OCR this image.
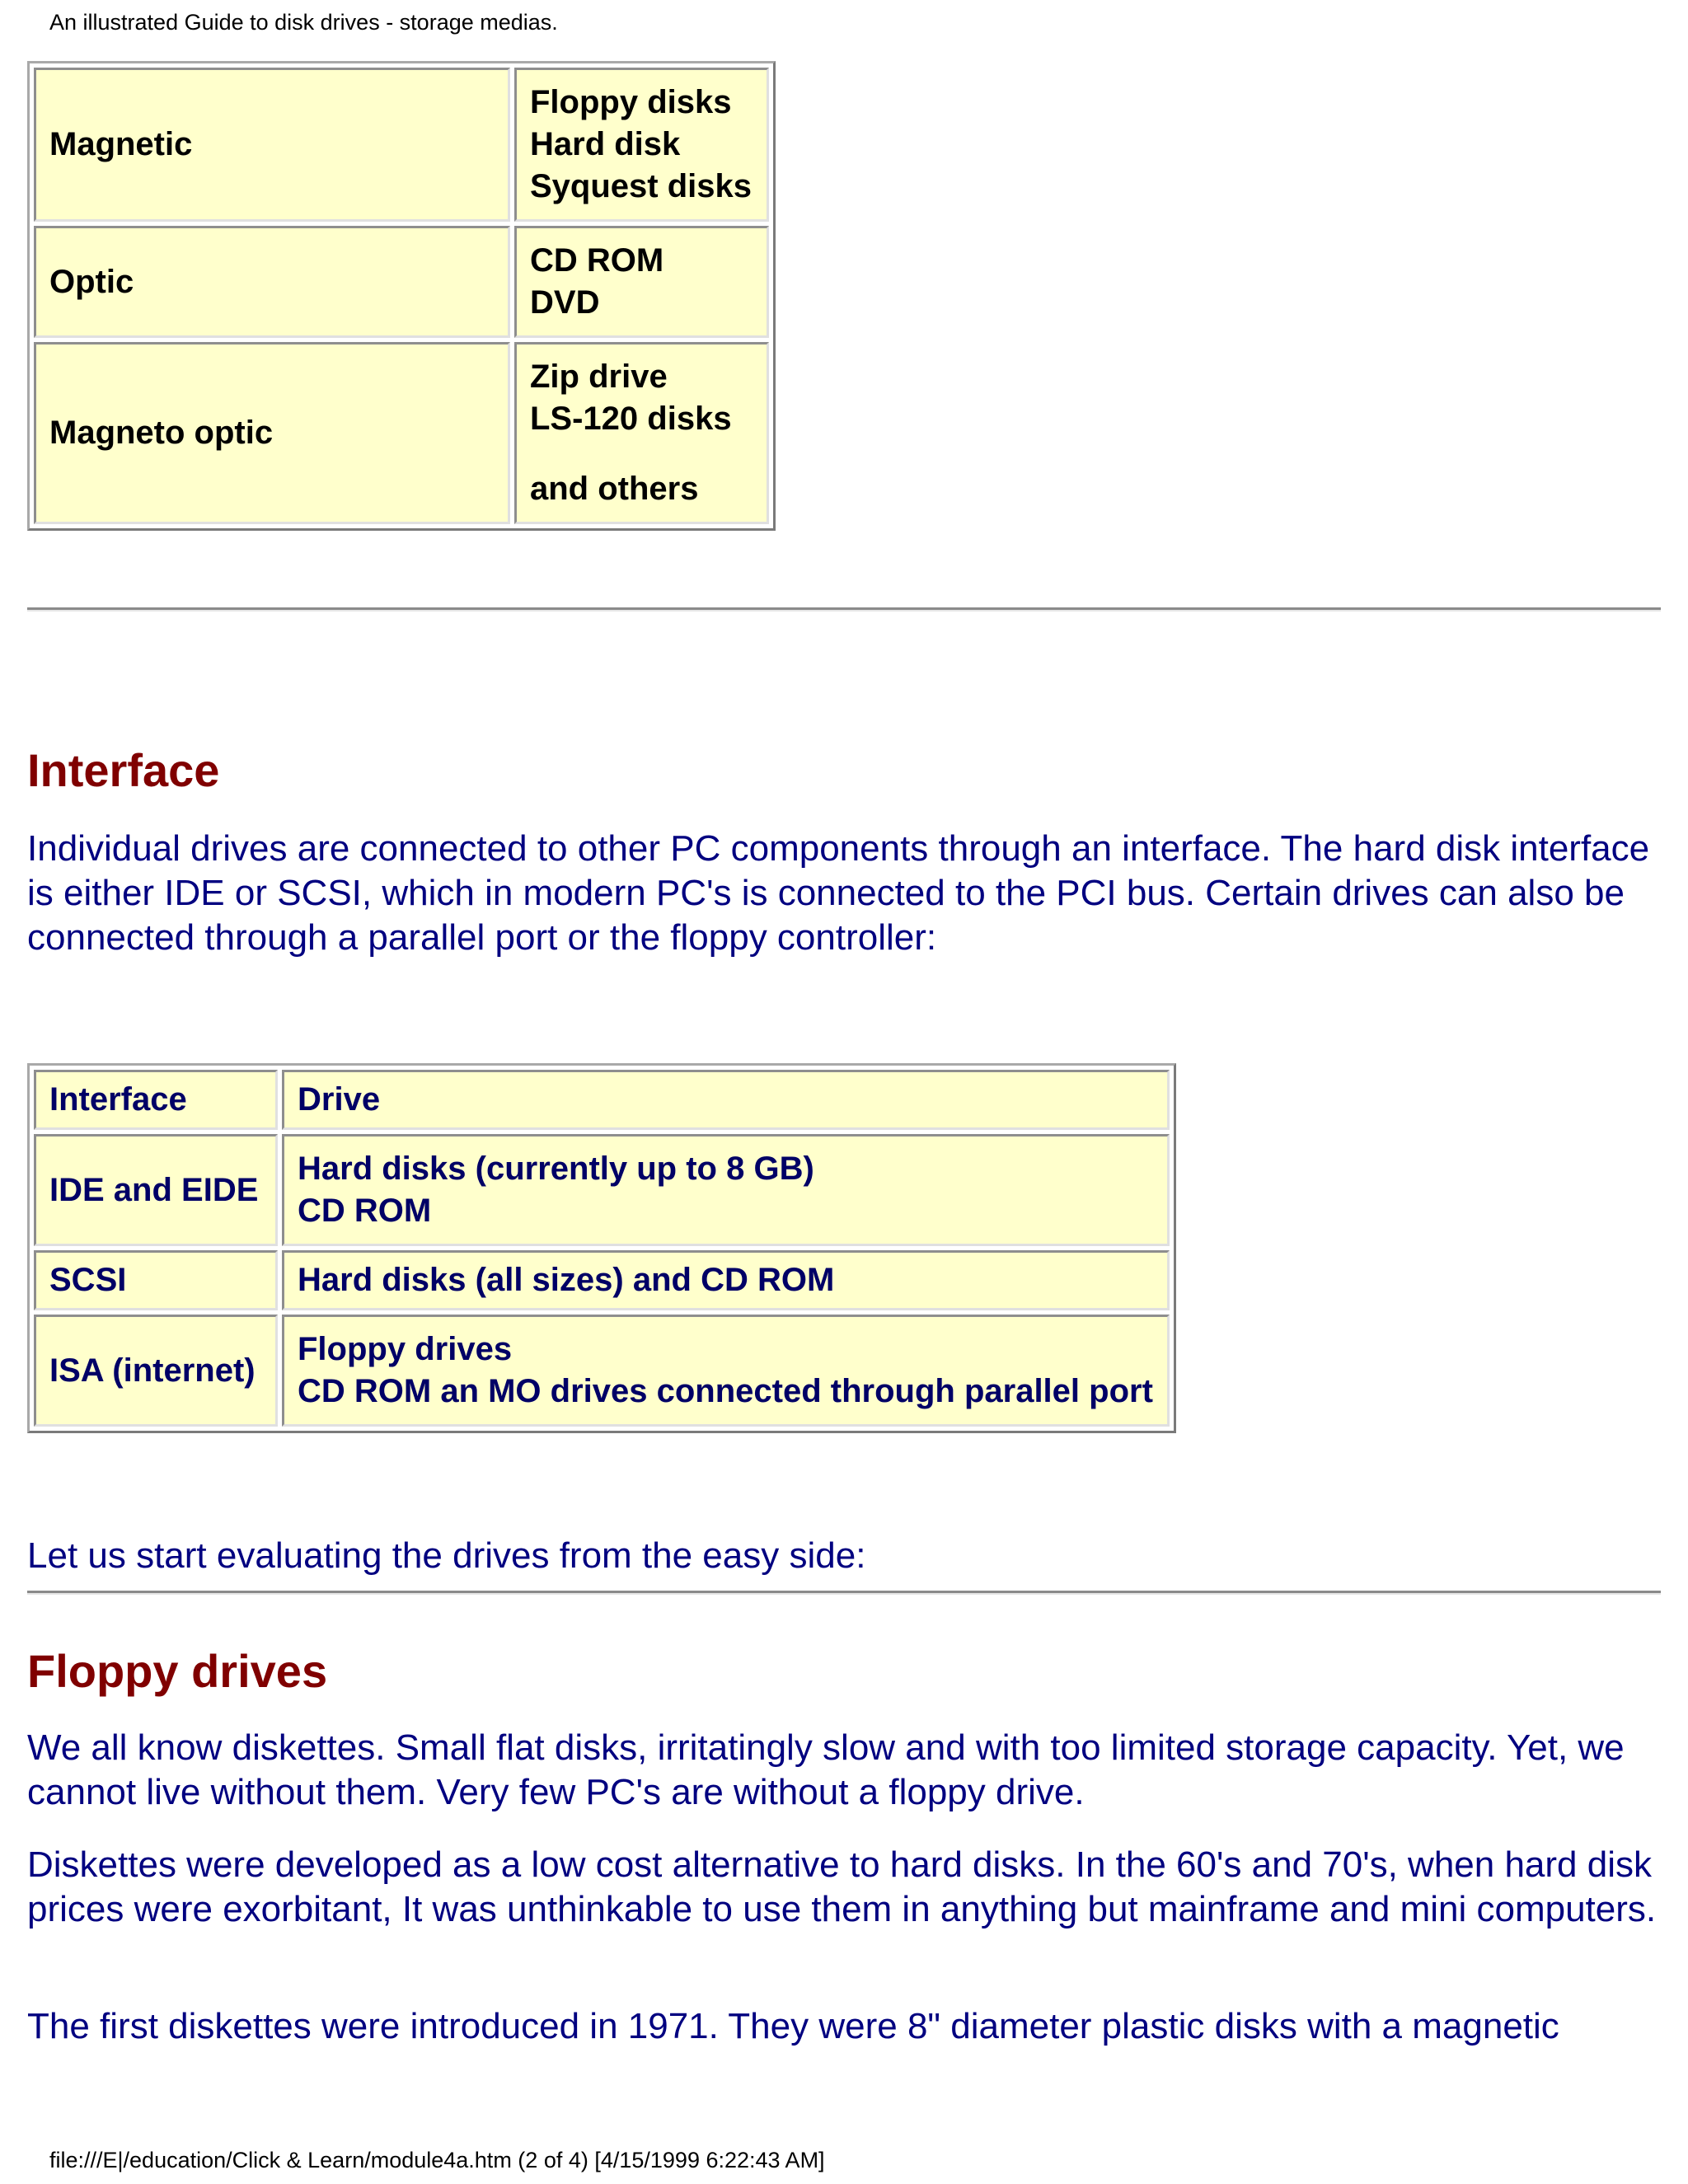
An illustrated Guide to disk drives - storage medias.
Magnetic	Floppy disks
Hard disk
Syquest disks

Optic	CD ROM
DVD

Magneto optic	Zip drive
LS-120 disks
and others
Interface

Individual drives are connected to other PC components through an interface. The hard disk interface is either IDE or SCSI, which in modern PC's is connected to the PCI bus. Certain drives can also be connected through a parallel port or the floppy controller:

Interface	Drive
IDE and EIDE	Hard disks (currently up to 8 GB)
CD ROM

SCSI	Hard disks (all sizes) and CD ROM
ISA (internet)	Floppy drives
CD ROM an MO drives connected through parallel port

Let us start evaluating the drives from the easy side:

Floppy drives

We all know diskettes. Small flat disks, irritatingly slow and with too limited storage capacity. Yet, we cannot live without them. Very few PC's are without a floppy drive.

Diskettes were developed as a low cost alternative to hard disks. In the 60's and 70's, when hard disk prices were exorbitant, It was unthinkable to use them in anything but mainframe and mini computers.

The first diskettes were introduced in 1971. They were 8" diameter plastic disks with a magnetic

file:///E|/education/Click & Learn/module4a.htm (2 of 4) [4/15/1999 6:22:43 AM]
